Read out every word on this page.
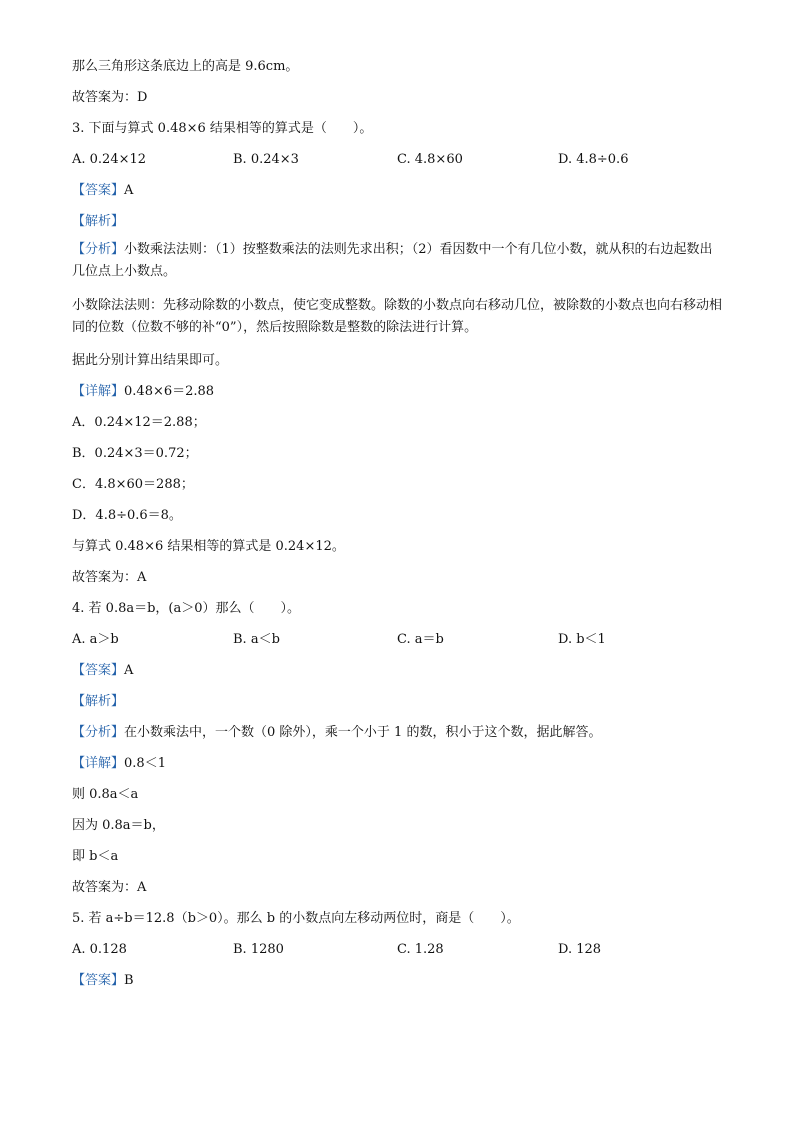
那么三角形这条底边上的高是 9.6cm。

故答案为：D

3. 下面与算式 0.48×6 结果相等的算式是（　　）。

A. 0.24×12	B. 0.24×3	C. 4.8×60	D. 4.8÷0.6

【答案】A

【解析】

【分析】小数乘法法则：（1）按整数乘法的法则先求出积；（2）看因数中一个有几位小数，就从积的右边起数出几位点上小数点。

小数除法法则：先移动除数的小数点，使它变成整数。除数的小数点向右移动几位，被除数的小数点也向右移动相同的位数（位数不够的补“0”），然后按照除数是整数的除法进行计算。

据此分别计算出结果即可。

【详解】0.48×6＝2.88

A．0.24×12＝2.88；

B．0.24×3＝0.72；

C．4.8×60＝288；

D．4.8÷0.6＝8。

与算式 0.48×6 结果相等的算式是 0.24×12。

故答案为：A

4. 若 0.8a＝b，(a＞0）那么（　　）。

A. a＞b	B. a＜b	C. a＝b	D. b＜1

【答案】A

【解析】

【分析】在小数乘法中，一个数（0 除外），乘一个小于 1 的数，积小于这个数，据此解答。

【详解】0.8＜1

则 0.8a＜a

因为 0.8a＝b，

即 b＜a

故答案为：A

5. 若 a÷b＝12.8（b＞0）。那么 b 的小数点向左移动两位时，商是（　　）。

A. 0.128	B. 1280	C. 1.28	D. 128

【答案】B
